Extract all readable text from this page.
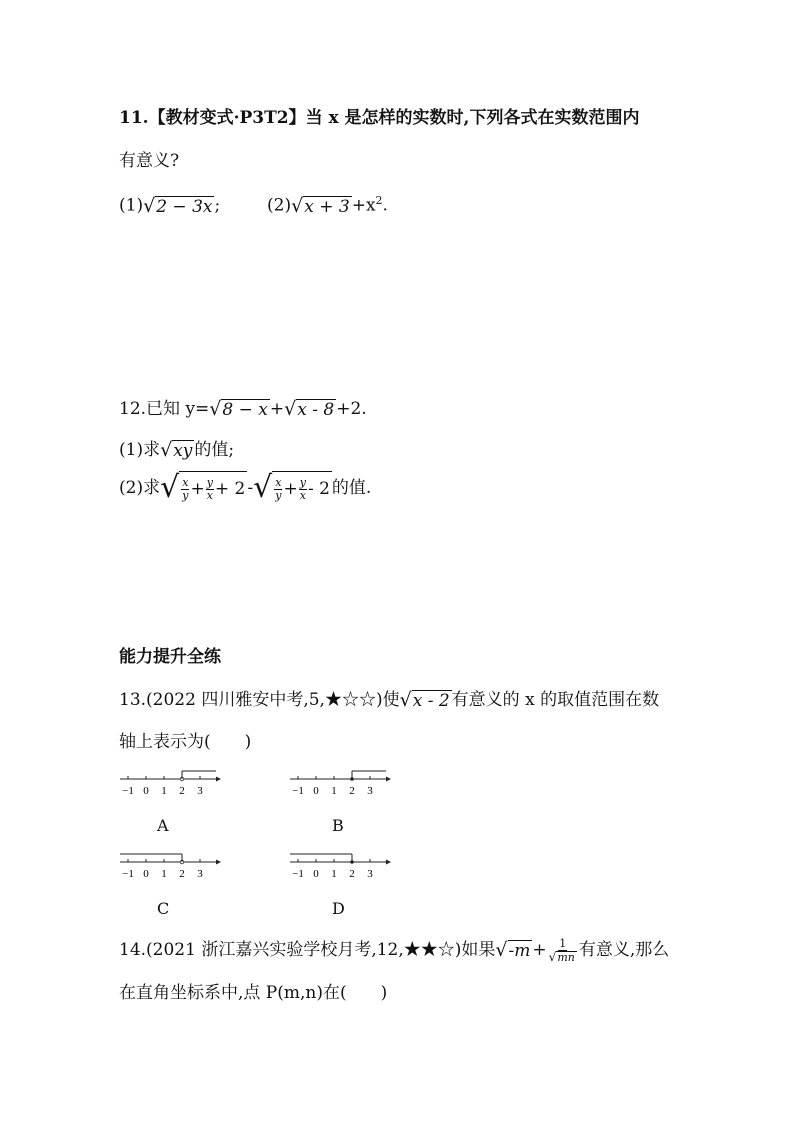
11.【教材变式·P3T2】当 x 是怎样的实数时,下列各式在实数范围内
有意义?
(1) √ 2 − 3x ;	(2) √ $x + 3 +x^2$.
12.已知 y= √ 8 − x + √ x - 8 +2.
(1)求 √ xy 的值;
(2)求 √ $\frac{x}{y} + \frac{y}{x} + 2$ - √ $\frac{x}{y} + \frac{y}{x} - 2$ 的值.
能力提升全练
13.(2022 四川雅安中考,5,★☆☆)使 √ x - 2 有意义的 x 的取值范围在数
轴上表示为(　　)
−1 0 1 2 3
A
−1 0 1 2 3
B
−1 0 1 2 3
C
−1 0 1 2 3
D
14.(2021 浙江嘉兴实验学校月考,12,★★☆)如果 √ $-m + \frac{1}{√ mn}$ 有意义,那么
在直角坐标系中,点 P(m,n)在(　　)
